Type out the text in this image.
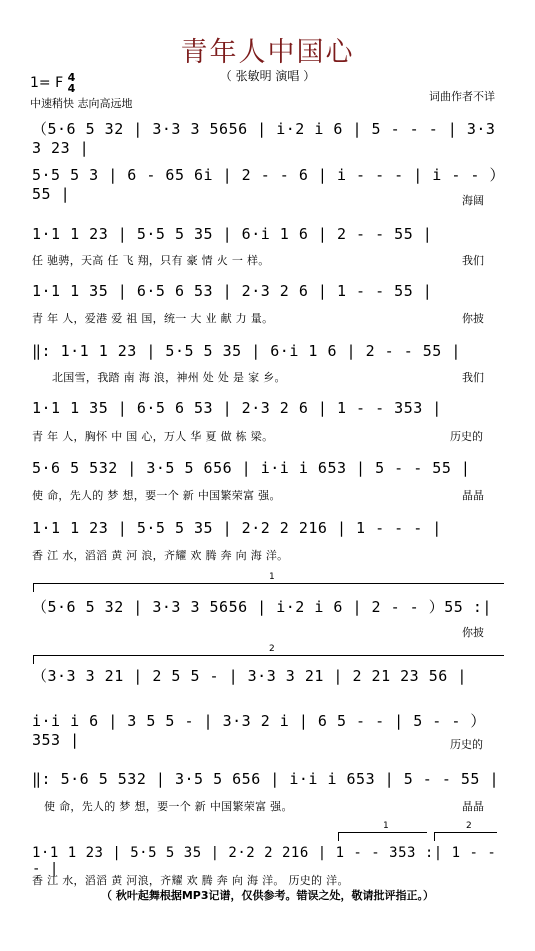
青年人中国心
（ 张敏明 演唱 ）
1= F 4
4
中速稍快 志向高远地
词曲作者不详
（5·6 5 32 | 3·3 3 5656 | i·2 i 6 | 5 - - - | 3·3 3 23 |
5·5 5 3 | 6 - 65 6i | 2 - - 6 | i - - - | i - - ）55 |	海阔
1·1 1 23 | 5·5 5 35 | 6·i 1 6 | 2 - - 55 |
任 驰骋，天高 任 飞 翔，只有 豪 情 火 一 样。	我们
1·1 1 35 | 6·5 6 53 | 2·3 2 6 | 1 - - 55 |
青 年 人，爱港 爱 祖 国，统一 大 业 献 力 量。	你披
‖: 1·1 1 23 | 5·5 5 35 | 6·i 1 6 | 2 - - 55 |
北国雪，我踏 南 海 浪，神州 处 处 是 家 乡。	我们
1·1 1 35 | 6·5 6 53 | 2·3 2 6 | 1 - - 353 |
青 年 人，胸怀 中 国 心，万人 华 夏 做 栋 梁。	历史的
5·6 5 532 | 3·5 5 656 | i·i i 653 | 5 - - 55 |
使 命，先人的 梦 想，要一个 新 中国繁荣富 强。	晶晶
1·1 1 23 | 5·5 5 35 | 2·2 2 216 | 1 - - - |
香 江 水，滔滔 黄 河 浪，齐耀 欢 腾 奔 向 海 洋。
1
（5·6 5 32 | 3·3 3 5656 | i·2 i 6 | 2 - - ）55 :|
你披
2
（3·3 3 21 | 2 5 5 - | 3·3 3 21 | 2 21 23 56 |
i·i i 6 | 3 5 5 - | 3·3 2 i | 6 5 - - | 5 - - ）353 |	历史的
‖: 5·6 5 532 | 3·5 5 656 | i·i i 653 | 5 - - 55 |
使 命，先人的 梦 想，要一个 新 中国繁荣富 强。	晶晶
1	2
1·1 1 23 | 5·5 5 35 | 2·2 2 216 | 1 - - 353 :| 1 - - - |
香 江 水，滔滔 黄 河浪，齐耀 欢 腾 奔 向 海 洋。 历史的 洋。
（ 秋叶起舞根据MP3记谱，仅供参考。错误之处，敬请批评指正。）
